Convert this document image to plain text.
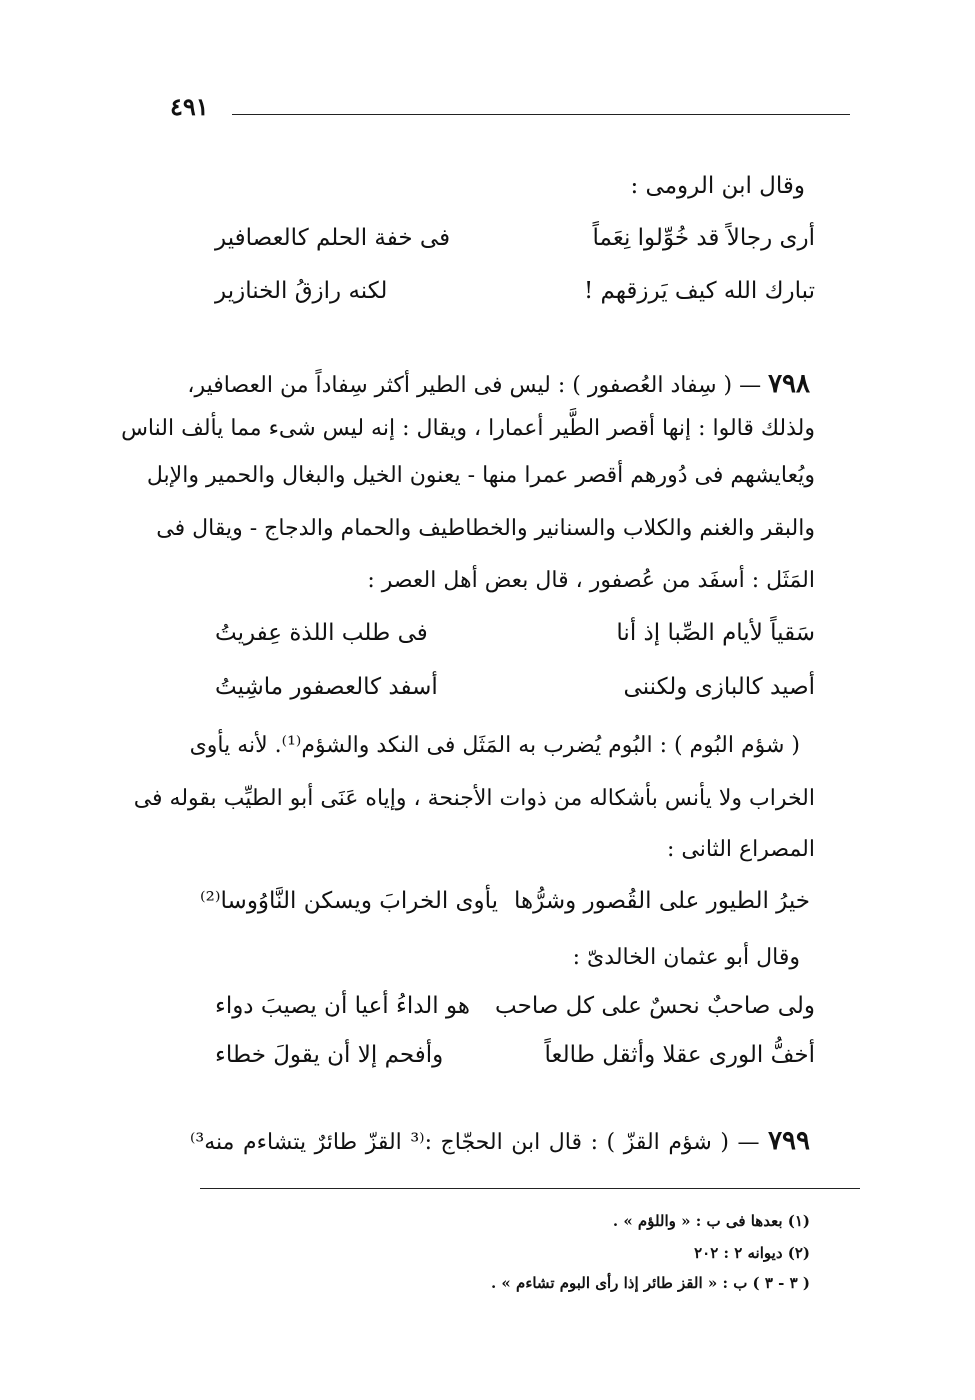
٤٩١
وقال ابن الرومى :
أرى رجالاً قد خُوِّلوا نِعَماً
فى خفة الحلم كالعصافير
تبارك الله كيف يَرزقهم !
لكنه رازقُ الخنازير
٧٩٨ — ( سِفاد العُصفور ) : ليس فى الطير أكثر سِفاداً من العصافير،
ولذلك قالوا : إنها أقصر الطَّير أعمارا ، ويقال : إنه ليس شىء مما يألف الناس
ويُعايشهم فى دُورهم أقصر عمرا منها - يعنون الخيل والبغال والحمير والإبل
والبقر والغنم والكلاب والسنانير والخطاطيف والحمام والدجاج - ويقال فى
المَثَل : أسفَد من عُصفور ، قال بعض أهل العصر :
سَقياً لأيام الصِّبا إذ أنا
فى طلب اللذة عِفريتُ
أصيد كالبازى ولكننى
أسفد كالعصفور ماشِيتُ
( شؤم البُوم ) : البُوم يُضرب به المَثَل فى النكد والشؤم⁽¹⁾. لأنه يأوى
الخراب ولا يأنس بأشكاله من ذوات الأجنحة ، وإياه عَنَى أبو الطيِّب بقوله فى
المصراع الثانى :
خيرُ الطيور على القُصور وشرُّها
يأوى الخرابَ ويسكن النَّاوُوسا⁽²⁾
وقال أبو عثمان الخالدىّ :
ولى صاحبٌ نحسٌ على كل صاحب
هو الداءُ أعيا أن يصيبَ دواء
أخفُّ الورى عقلا وأثقل طالعاً
وأفحم إلا أن يقولَ خطاء
٧٩٩ — ( شؤم القزّ ) : قال ابن الحجّاج :⁽³ القزّ طائرٌ يتشاءم منه³⁾
(١) بعدها فى ب : « واللؤم » .
(٢) ديوانه ٢ : ٢٠٢
( ٣ - ٣ ) ب : « القز طائر إذا رأى البوم تشاءم » .
